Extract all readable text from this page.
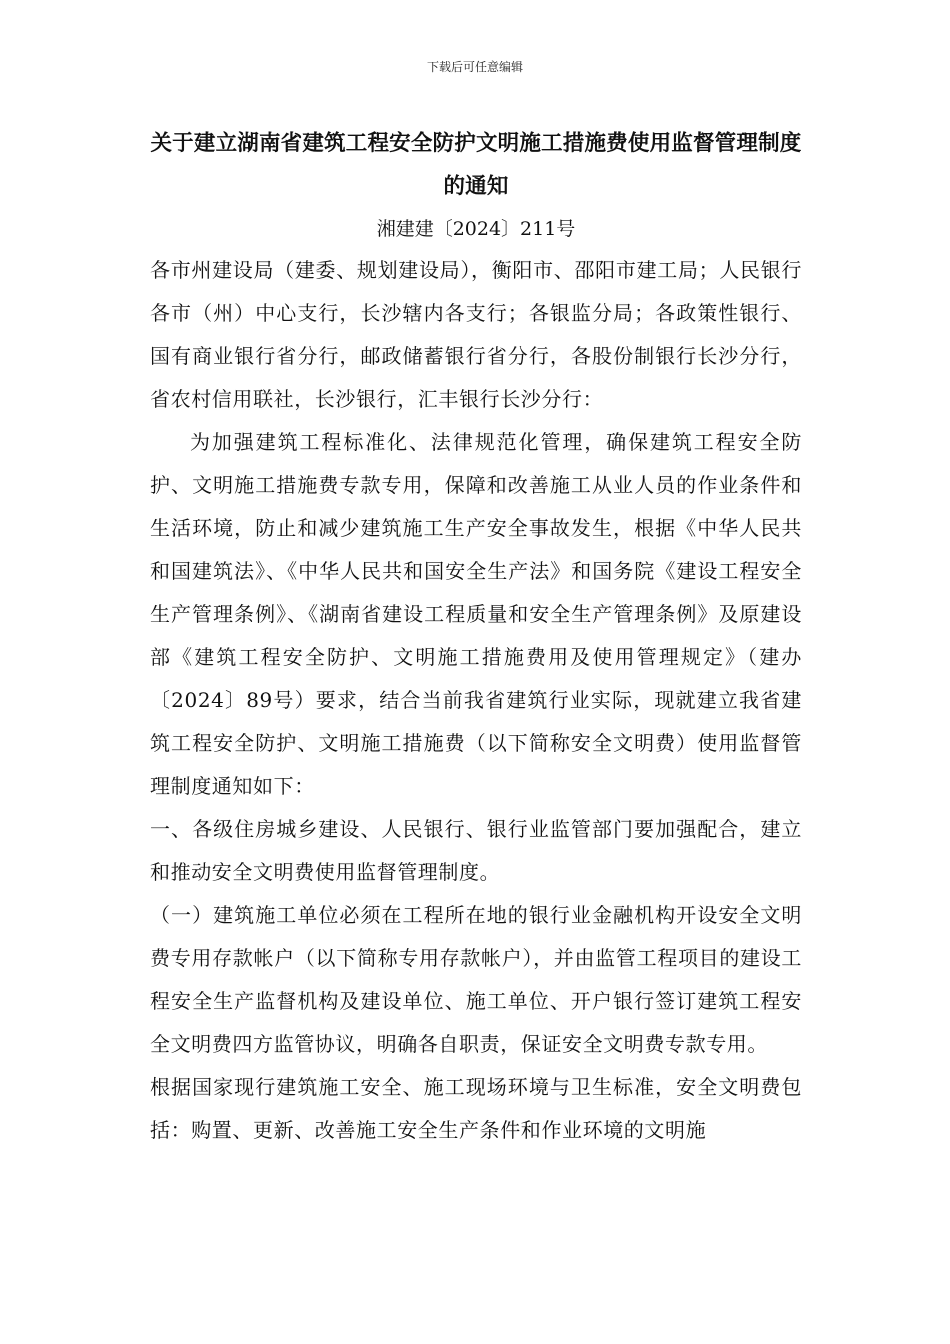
下载后可任意编辑
关于建立湖南省建筑工程安全防护文明施工措施费使用监督管理制度的通知
湘建建〔2024〕211号

各市州建设局（建委、规划建设局），衡阳市、邵阳市建工局；人民银行各市（州）中心支行，长沙辖内各支行；各银监分局；各政策性银行、国有商业银行省分行，邮政储蓄银行省分行，各股份制银行长沙分行，省农村信用联社，长沙银行，汇丰银行长沙分行：

为加强建筑工程标准化、法律规范化管理，确保建筑工程安全防护、文明施工措施费专款专用，保障和改善施工从业人员的作业条件和生活环境，防止和减少建筑施工生产安全事故发生，根据《中华人民共和国建筑法》、《中华人民共和国安全生产法》和国务院《建设工程安全生产管理条例》、《湖南省建设工程质量和安全生产管理条例》及原建设部《建筑工程安全防护、文明施工措施费用及使用管理规定》（建办〔2024〕89号）要求，结合当前我省建筑行业实际，现就建立我省建筑工程安全防护、文明施工措施费（以下简称安全文明费）使用监督管理制度通知如下：

一、各级住房城乡建设、人民银行、银行业监管部门要加强配合，建立和推动安全文明费使用监督管理制度。

（一）建筑施工单位必须在工程所在地的银行业金融机构开设安全文明费专用存款帐户（以下简称专用存款帐户），并由监管工程项目的建设工程安全生产监督机构及建设单位、施工单位、开户银行签订建筑工程安全文明费四方监管协议，明确各自职责，保证安全文明费专款专用。

根据国家现行建筑施工安全、施工现场环境与卫生标准，安全文明费包括：购置、更新、改善施工安全生产条件和作业环境的文明施
